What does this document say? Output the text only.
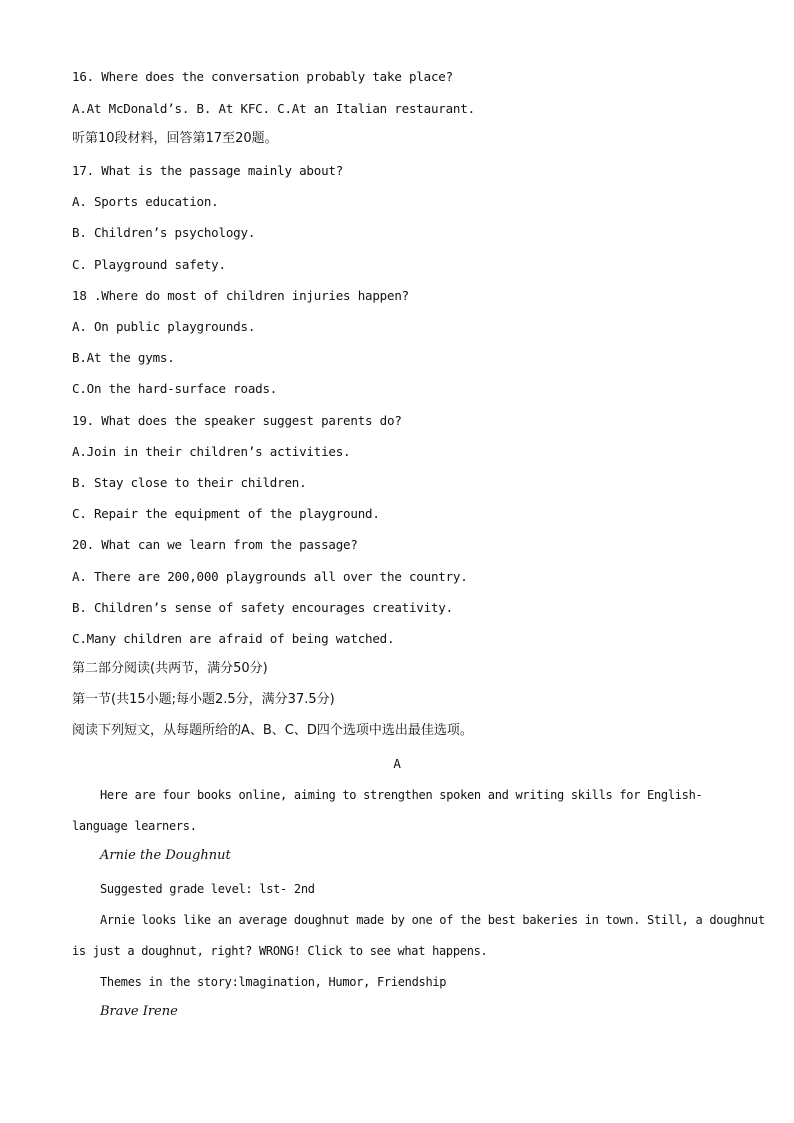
16. Where does the conversation probably take place?
A.At McDonald’s. B. At KFC. C.At an Italian restaurant.
听第10段材料，回答第17至20题。
17. What is the passage mainly about?
A. Sports education.
B. Children’s psychology.
C. Playground safety.
18 .Where do most of children injuries happen?
A. On public playgrounds.
B.At the gyms.
C.On the hard-surface roads.
19. What does the speaker suggest parents do?
A.Join in their children’s activities.
B. Stay close to their children.
C. Repair the equipment of the playground.
20. What can we learn from the passage?
A. There are 200,000 playgrounds all over the country.
B. Children’s sense of safety encourages creativity.
C.Many children are afraid of being watched.
第二部分阅读(共两节，满分50分)
第一节(共15小题;每小题2.5分，满分37.5分)
阅读下列短文，从每题所给的A、B、C、D四个选项中选出最佳选项。
A
Here are four books online, aiming to strengthen spoken and writing skills for English-
language learners.
Arnie the Doughnut
Suggested grade level: lst- 2nd
Arnie looks like an average doughnut made by one of the best bakeries in town. Still, a doughnut
is just a doughnut, right? WRONG! Click to see what happens.
Themes in the story:lmagination, Humor, Friendship
Brave Irene
